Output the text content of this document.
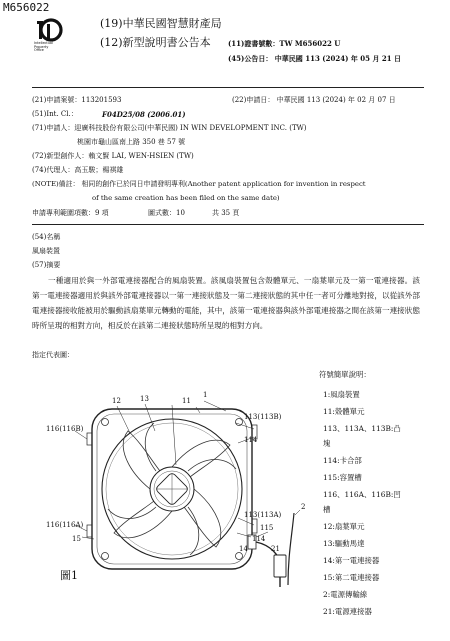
M656022
Intellectual
Property
Office
(19)中華民國智慧財產局
(12)新型說明書公告本 (11)證書號數：TW M656022 U
(45)公告日： 中華民國 113 (2024) 年 05 月 21 日
(21)申請案號：113201593	(22)申請日： 中華民國 113 (2024) 年 02 月 07 日
(51)Int. Cl.：	F04D25/08 (2006.01)
(71)申請人：迎廣科技股份有限公司(中華民國) IN WIN DEVELOPMENT INC. (TW)
桃園市龜山區南上路 350 巷 57 號
(72)新型創作人：賴文賢 LAI, WEN-HSIEN (TW)
(74)代理人：高玉駿；楊祺雄
(NOTE)備註： 相同的創作已於同日申請發明專利(Another patent application for invention in respect
of the same creation has been filed on the same date)
申請專利範圍項數：9 項	圖式數：10	共 35 頁
(54)名稱
風扇裝置
(57)摘要

一種適用於與一外部電連接器配合的風扇裝置。該風扇裝置包含殼體單元、一扇葉單元及一第一電連接器。該第一電連接器適用於與該外部電連接器以一第一連接狀態及一第二連接狀態的其中任一者可分離地對接，以從該外部電連接器接收能被用於驅動該扇葉單元轉動的電能，其中，該第一電連接器與該外部電連接器之間在該第一連接狀態時所呈現的相對方向，相反於在該第二連接狀態時所呈現的相對方向。

指定代表圖：
12	13	11
1
113(113B)
114
116(116B)
113(113A)
115
114
14
116(116A)
15
2
21
圖1
符號簡單說明：
1:風扇裝置
11:殼體單元
113、113A、113B:凸
塊
114:卡合部
115:容置槽
116、116A、116B:凹
槽
12:扇葉單元
13:驅動馬達
14:第一電連接器
15:第二電連接器
2:電源傳輸線
21:電源連接器
